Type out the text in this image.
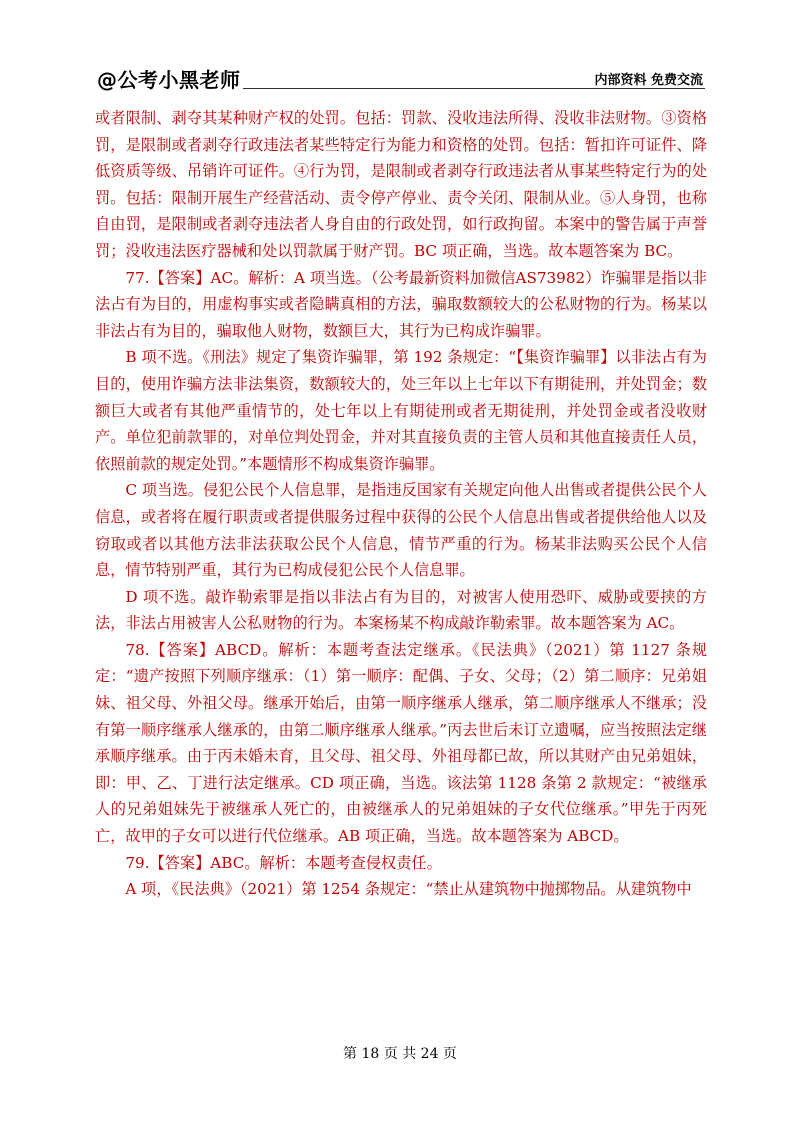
@公考小黑老师	内部资料 免费交流

或者限制、剥夺其某种财产权的处罚。包括：罚款、没收违法所得、没收非法财物。③资格罚，是限制或者剥夺行政违法者某些特定行为能力和资格的处罚。包括：暂扣许可证件、降低资质等级、吊销许可证件。④行为罚，是限制或者剥夺行政违法者从事某些特定行为的处罚。包括：限制开展生产经营活动、责令停产停业、责令关闭、限制从业。⑤人身罚，也称自由罚，是限制或者剥夺违法者人身自由的行政处罚，如行政拘留。本案中的警告属于声誉罚；没收违法医疗器械和处以罚款属于财产罚。BC 项正确，当选。故本题答案为 BC。

77.【答案】AC。解析：A 项当选。（公考最新资料加微信AS73982）诈骗罪是指以非法占有为目的，用虚构事实或者隐瞒真相的方法，骗取数额较大的公私财物的行为。杨某以非法占有为目的，骗取他人财物，数额巨大，其行为已构成诈骗罪。

B 项不选。《刑法》规定了集资诈骗罪，第 192 条规定：“【集资诈骗罪】以非法占有为目的，使用诈骗方法非法集资，数额较大的，处三年以上七年以下有期徒刑，并处罚金；数额巨大或者有其他严重情节的，处七年以上有期徒刑或者无期徒刑，并处罚金或者没收财产。单位犯前款罪的，对单位判处罚金，并对其直接负责的主管人员和其他直接责任人员，依照前款的规定处罚。”本题情形不构成集资诈骗罪。

C 项当选。侵犯公民个人信息罪，是指违反国家有关规定向他人出售或者提供公民个人信息，或者将在履行职责或者提供服务过程中获得的公民个人信息出售或者提供给他人以及窃取或者以其他方法非法获取公民个人信息，情节严重的行为。杨某非法购买公民个人信息，情节特别严重，其行为已构成侵犯公民个人信息罪。

D 项不选。敲诈勒索罪是指以非法占有为目的，对被害人使用恐吓、威胁或要挟的方法，非法占用被害人公私财物的行为。本案杨某不构成敲诈勒索罪。故本题答案为 AC。

78.【答案】ABCD。解析：本题考查法定继承。《民法典》（2021）第 1127 条规定：“遗产按照下列顺序继承：（1）第一顺序：配偶、子女、父母；（2）第二顺序：兄弟姐妹、祖父母、外祖父母。继承开始后，由第一顺序继承人继承，第二顺序继承人不继承；没有第一顺序继承人继承的，由第二顺序继承人继承。”丙去世后未订立遗嘱，应当按照法定继承顺序继承。由于丙未婚未育，且父母、祖父母、外祖母都已故，所以其财产由兄弟姐妹，即：甲、乙、丁进行法定继承。CD 项正确，当选。该法第 1128 条第 2 款规定：“被继承人的兄弟姐妹先于被继承人死亡的，由被继承人的兄弟姐妹的子女代位继承。”甲先于丙死亡，故甲的子女可以进行代位继承。AB 项正确，当选。故本题答案为 ABCD。

79.【答案】ABC。解析：本题考查侵权责任。

A 项，《民法典》（2021）第 1254 条规定：“禁止从建筑物中抛掷物品。从建筑物中

第 18 页 共 24 页
